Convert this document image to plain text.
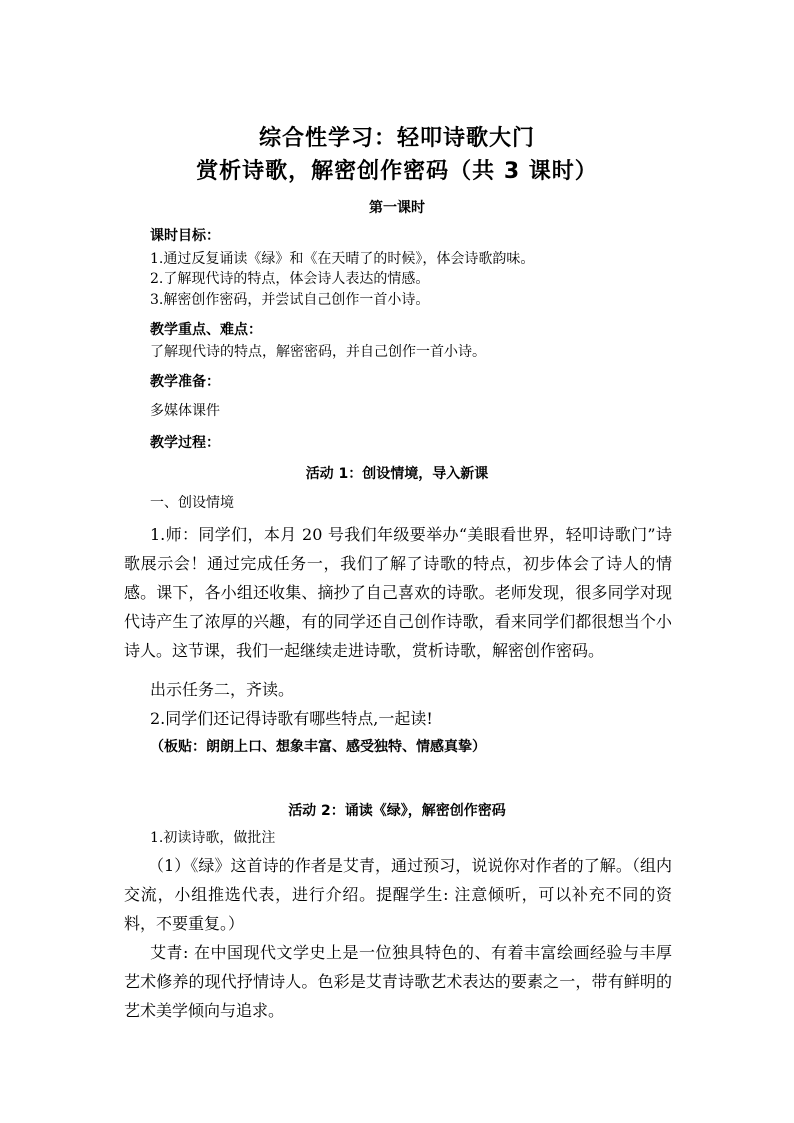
综合性学习：轻叩诗歌大门
赏析诗歌，解密创作密码（共 3 课时）
第一课时
课时目标：
1.通过反复诵读《绿》和《在天晴了的时候》，体会诗歌韵味。
2.了解现代诗的特点，体会诗人表达的情感。
3.解密创作密码，并尝试自己创作一首小诗。
教学重点、难点：
了解现代诗的特点，解密密码，并自己创作一首小诗。
教学准备：
多媒体课件
教学过程：
活动 1：创设情境，导入新课
一、创设情境
1.师：同学们，本月 20 号我们年级要举办“美眼看世界，轻叩诗歌门”诗歌展示会！通过完成任务一，我们了解了诗歌的特点，初步体会了诗人的情感。课下，各小组还收集、摘抄了自己喜欢的诗歌。老师发现，很多同学对现代诗产生了浓厚的兴趣，有的同学还自己创作诗歌，看来同学们都很想当个小诗人。这节课，我们一起继续走进诗歌，赏析诗歌，解密创作密码。
出示任务二，齐读。
2.同学们还记得诗歌有哪些特点,一起读!
（板贴：朗朗上口、想象丰富、感受独特、情感真挚）
活动 2：诵读《绿》，解密创作密码
1.初读诗歌，做批注
（1）《绿》这首诗的作者是艾青，通过预习，说说你对作者的了解。（组内交流，小组推选代表，进行介绍。提醒学生: 注意倾听，可以补充不同的资料，不要重复。）
艾青: 在中国现代文学史上是一位独具特色的、有着丰富绘画经验与丰厚艺术修养的现代抒情诗人。色彩是艾青诗歌艺术表达的要素之一，带有鲜明的艺术美学倾向与追求。
